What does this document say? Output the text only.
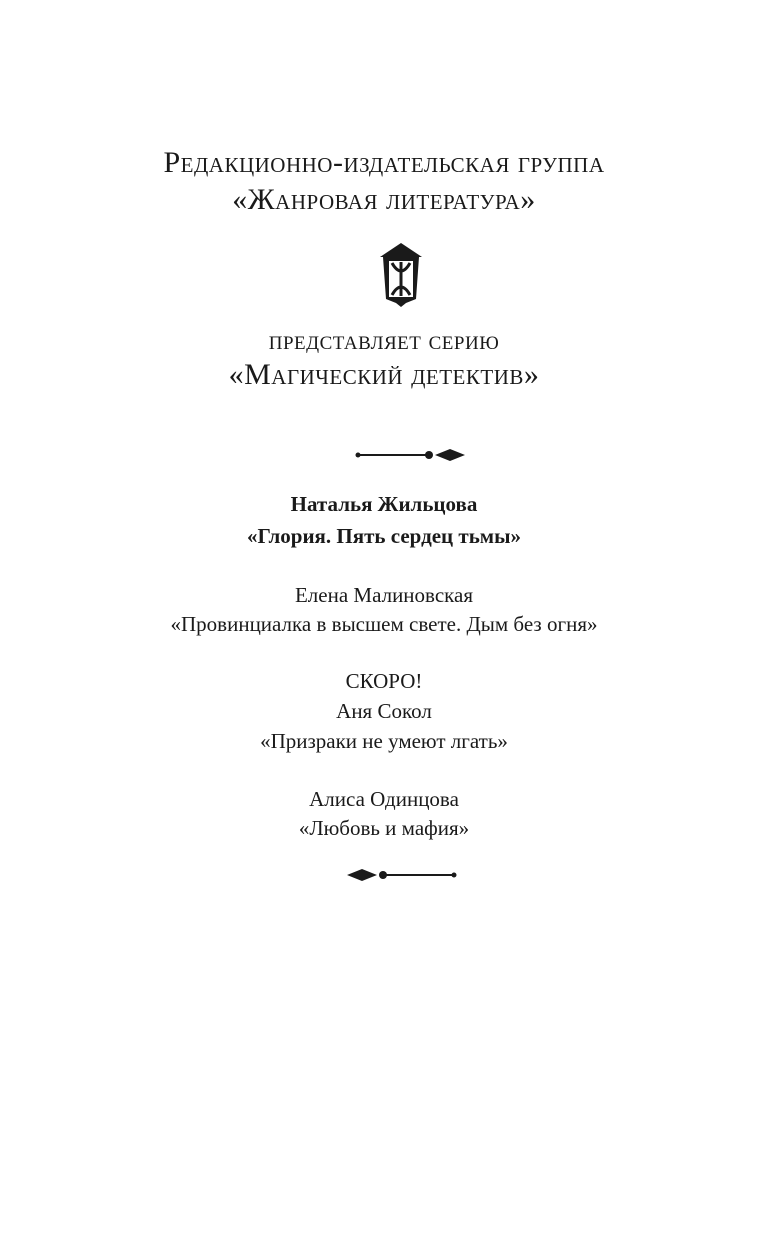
Редакционно-издательская группа
«Жанровая литература»
представляет серию
«Магический детектив»
Наталья Жильцова
«Глория. Пять сердец тьмы»
Елена Малиновская
«Провинциалка в высшем свете. Дым без огня»
СКОРО!
Аня Сокол
«Призраки не умеют лгать»
Алиса Одинцова
«Любовь и мафия»
